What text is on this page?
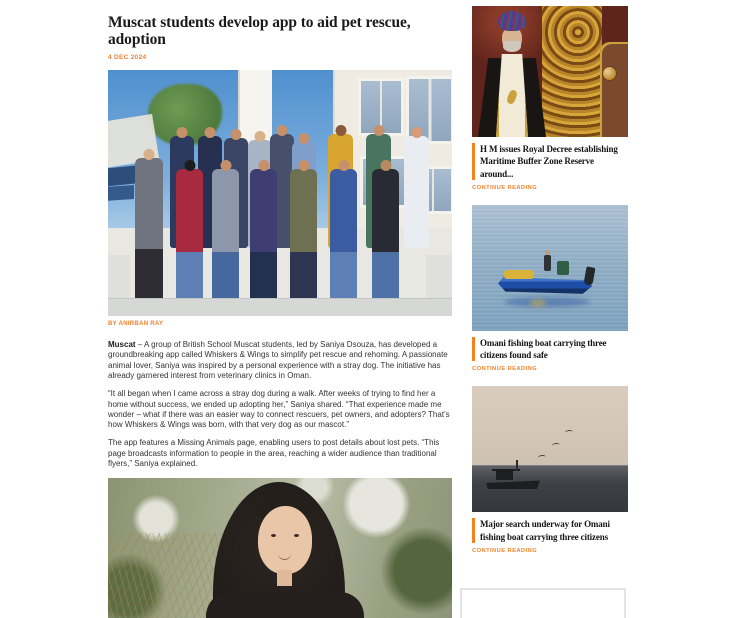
Muscat students develop app to aid pet rescue, adoption
4 DEC 2024
BY ANIRBAN RAY

Muscat – A group of British School Muscat students, led by Saniya Dsouza, has developed a groundbreaking app called Whiskers & Wings to simplify pet rescue and rehoming. A passionate animal lover, Saniya was inspired by a personal experience with a stray dog. The initiative has already garnered interest from veterinary clinics in Oman.

“It all began when I came across a stray dog during a walk. After weeks of trying to find her a home without success, we ended up adopting her,” Saniya shared. “That experience made me wonder – what if there was an easier way to connect rescuers, pet owners, and adopters? That’s how Whiskers & Wings was born, with that very dog as our mascot.”

The app features a Missing Animals page, enabling users to post details about lost pets. “This page broadcasts information to people in the area, reaching a wider audience than traditional flyers,” Saniya explained.

H M issues Royal Decree establishing Maritime Buffer Zone Reserve around...
CONTINUE READING
Omani fishing boat carrying three citizens found safe
CONTINUE READING
Major search underway for Omani fishing boat carrying three citizens
CONTINUE READING
